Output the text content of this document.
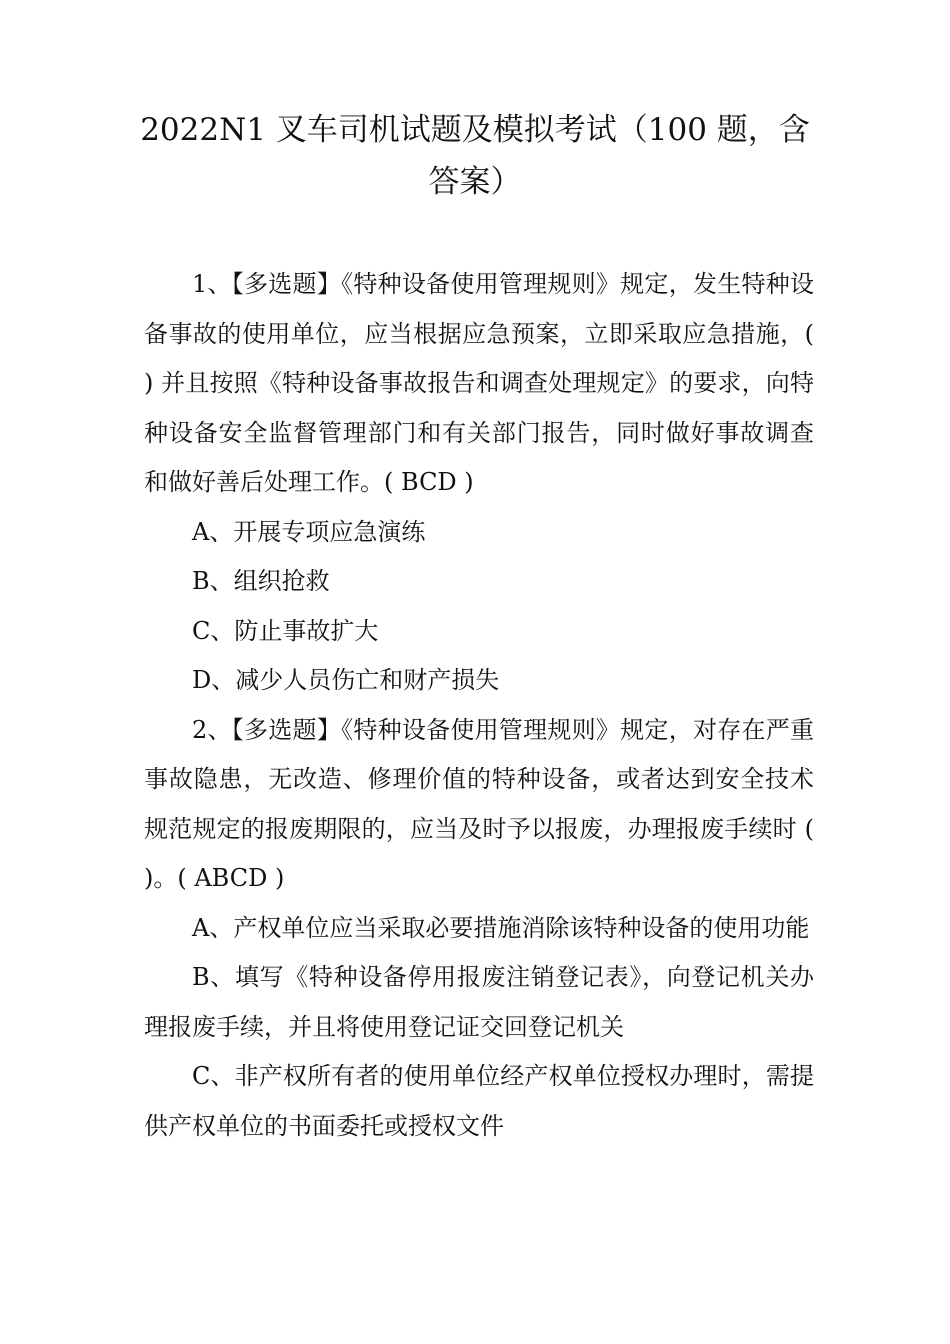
2022N1 叉车司机试题及模拟考试（100 题，含
答案）

1、【多选题】《特种设备使用管理规则》规定，发生特种设备事故的使用单位，应当根据应急预案，立即采取应急措施，( ) 并且按照《特种设备事故报告和调查处理规定》的要求，向特种设备安全监督管理部门和有关部门报告，同时做好事故调查和做好善后处理工作。( BCD )

A、开展专项应急演练

B、组织抢救

C、防止事故扩大

D、减少人员伤亡和财产损失

2、【多选题】《特种设备使用管理规则》规定，对存在严重事故隐患，无改造、修理价值的特种设备，或者达到安全技术规范规定的报废期限的，应当及时予以报废，办理报废手续时 ( )。( ABCD )

A、产权单位应当采取必要措施消除该特种设备的使用功能

B、填写《特种设备停用报废注销登记表》，向登记机关办理报废手续，并且将使用登记证交回登记机关

C、非产权所有者的使用单位经产权单位授权办理时，需提供产权单位的书面委托或授权文件
